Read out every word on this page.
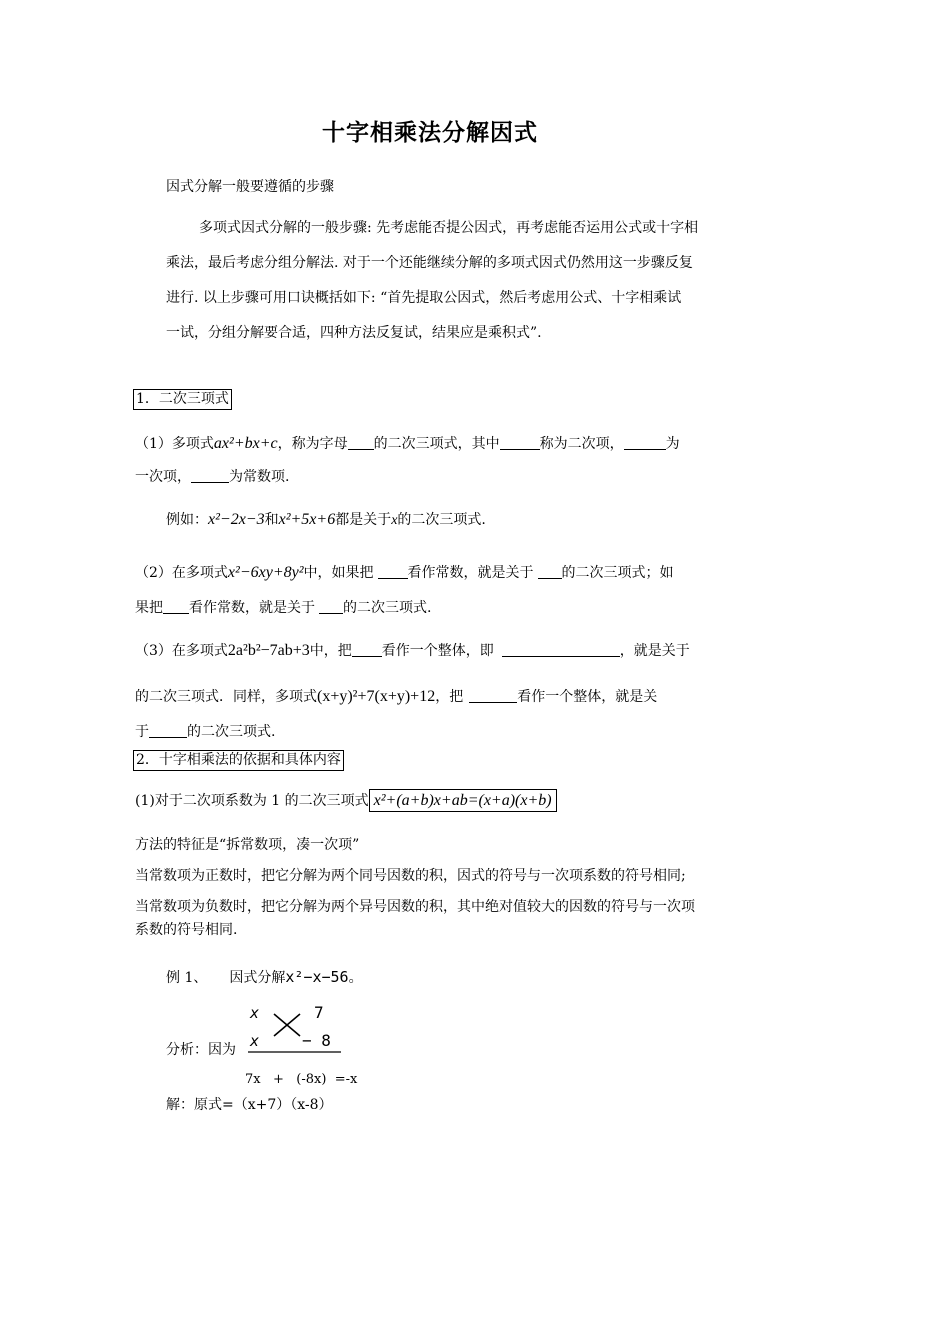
十字相乘法分解因式
因式分解一般要遵循的步骤
多项式因式分解的一般步骤: 先考虑能否提公因式，再考虑能否运用公式或十字相
乘法，最后考虑分组分解法. 对于一个还能继续分解的多项式因式仍然用这一步骤反复
进行. 以上步骤可用口诀概括如下: “首先提取公因式，然后考虑用公式、十字相乘试
一试，分组分解要合适，四种方法反复试，结果应是乘积式”.
1．二次三项式
（1）多项式ax²+bx+c，称为字母 的二次三项式，其中	称为二次项，	为
一次项，	为常数项.
例如：x²−2x−3和x²+5x+6都是关于x的二次三项式.
（2）在多项式x²−6xy+8y²中，如果把 看作常数，就是关于 的二次三项式；如
果把 看作常数，就是关于 的二次三项式.
（3）在多项式2a²b²−7ab+3中，把 看作一个整体，即	，就是关于
的二次三项式．同样，多项式(x+y)²+7(x+y)+12，把	看作一个整体，就是关
于	的二次三项式.
2．十字相乘法的依据和具体内容
(1)对于二次项系数为 1 的二次三项式 x²+(a+b)x+ab=(x+a)(x+b)
方法的特征是“拆常数项，凑一次项”
当常数项为正数时，把它分解为两个同号因数的积，因式的符号与一次项系数的符号相同;
当常数项为负数时，把它分解为两个异号因数的积，其中绝对值较大的因数的符号与一次项
系数的符号相同.
例 1、 因式分解x²−x−56。
x	7
x	− 8
分析：因为
7x   +   (-8x)  =-x
解：原式=（x+7）（x-8）
